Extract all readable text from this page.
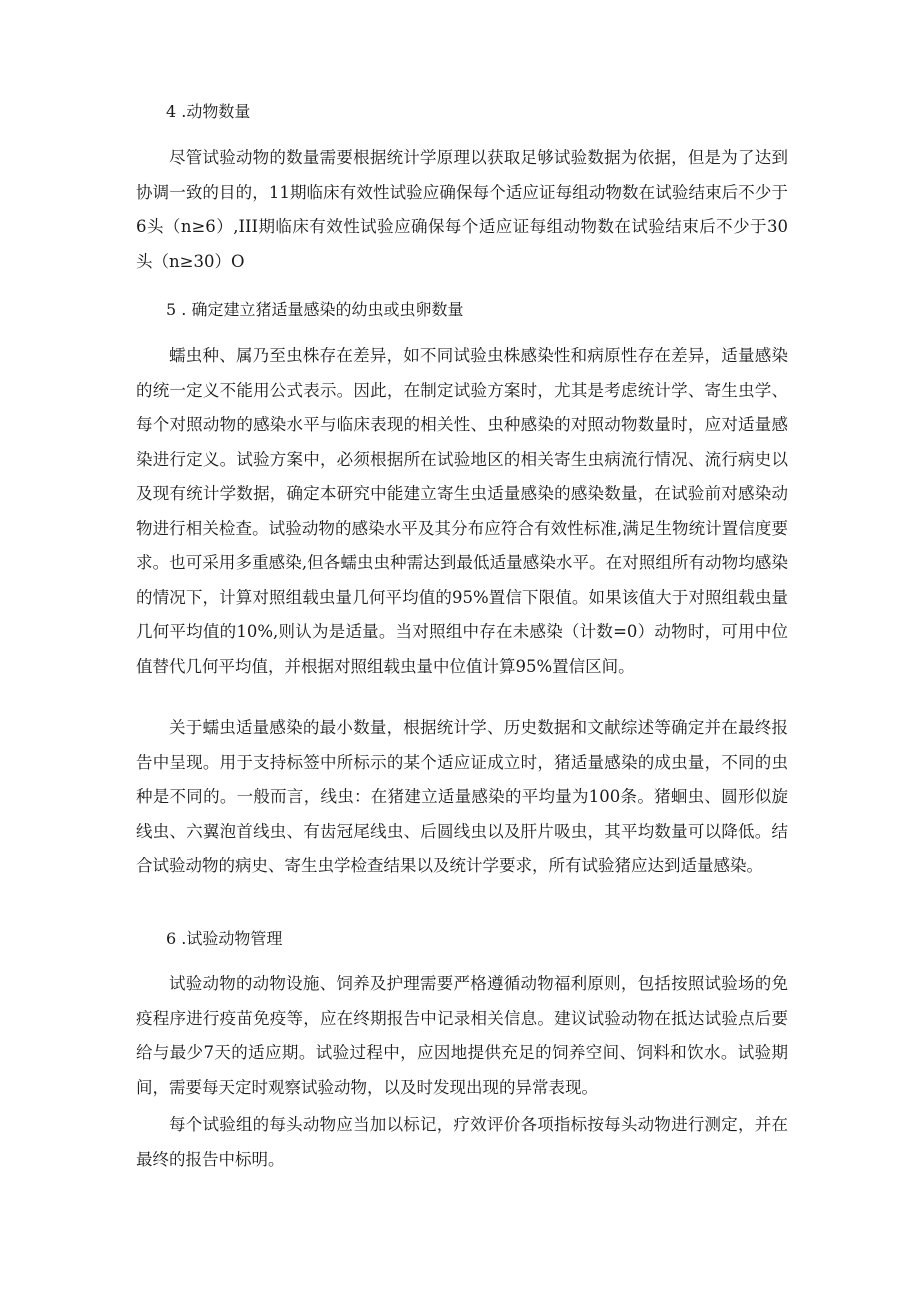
4 .动物数量

尽管试验动物的数量需要根据统计学原理以获取足够试验数据为依据，但是为了达到协调一致的目的，11期临床有效性试验应确保每个适应证每组动物数在试验结束后不少于6头（n≥6）,III期临床有效性试验应确保每个适应证每组动物数在试验结束后不少于30头（n≥30）O

5 . 确定建立猪适量感染的幼虫或虫卵数量

蠕虫种、属乃至虫株存在差异，如不同试验虫株感染性和病原性存在差异，适量感染的统一定义不能用公式表示。因此，在制定试验方案时，尤其是考虑统计学、寄生虫学、每个对照动物的感染水平与临床表现的相关性、虫种感染的对照动物数量时，应对适量感染进行定义。试验方案中，必须根据所在试验地区的相关寄生虫病流行情况、流行病史以及现有统计学数据，确定本研究中能建立寄生虫适量感染的感染数量，在试验前对感染动物进行相关检查。试验动物的感染水平及其分布应符合有效性标准,满足生物统计置信度要求。也可采用多重感染,但各蠕虫虫种需达到最低适量感染水平。在对照组所有动物均感染的情况下，计算对照组载虫量几何平均值的95%置信下限值。如果该值大于对照组载虫量几何平均值的10%,则认为是适量。当对照组中存在未感染（计数=0）动物时，可用中位值替代几何平均值，并根据对照组载虫量中位值计算95%置信区间。

关于蠕虫适量感染的最小数量，根据统计学、历史数据和文献综述等确定并在最终报告中呈现。用于支持标签中所标示的某个适应证成立时，猪适量感染的成虫量，不同的虫种是不同的。一般而言，线虫：在猪建立适量感染的平均量为100条。猪蛔虫、圆形似旋线虫、六翼泡首线虫、有齿冠尾线虫、后圆线虫以及肝片吸虫，其平均数量可以降低。结合试验动物的病史、寄生虫学检查结果以及统计学要求，所有试验猪应达到适量感染。

6 .试验动物管理

试验动物的动物设施、饲养及护理需要严格遵循动物福利原则，包括按照试验场的免疫程序进行疫苗免疫等，应在终期报告中记录相关信息。建议试验动物在抵达试验点后要给与最少7天的适应期。试验过程中，应因地提供充足的饲养空间、饲料和饮水。试验期间，需要每天定时观察试验动物，以及时发现出现的异常表现。

每个试验组的每头动物应当加以标记，疗效评价各项指标按每头动物进行测定，并在最终的报告中标明。
